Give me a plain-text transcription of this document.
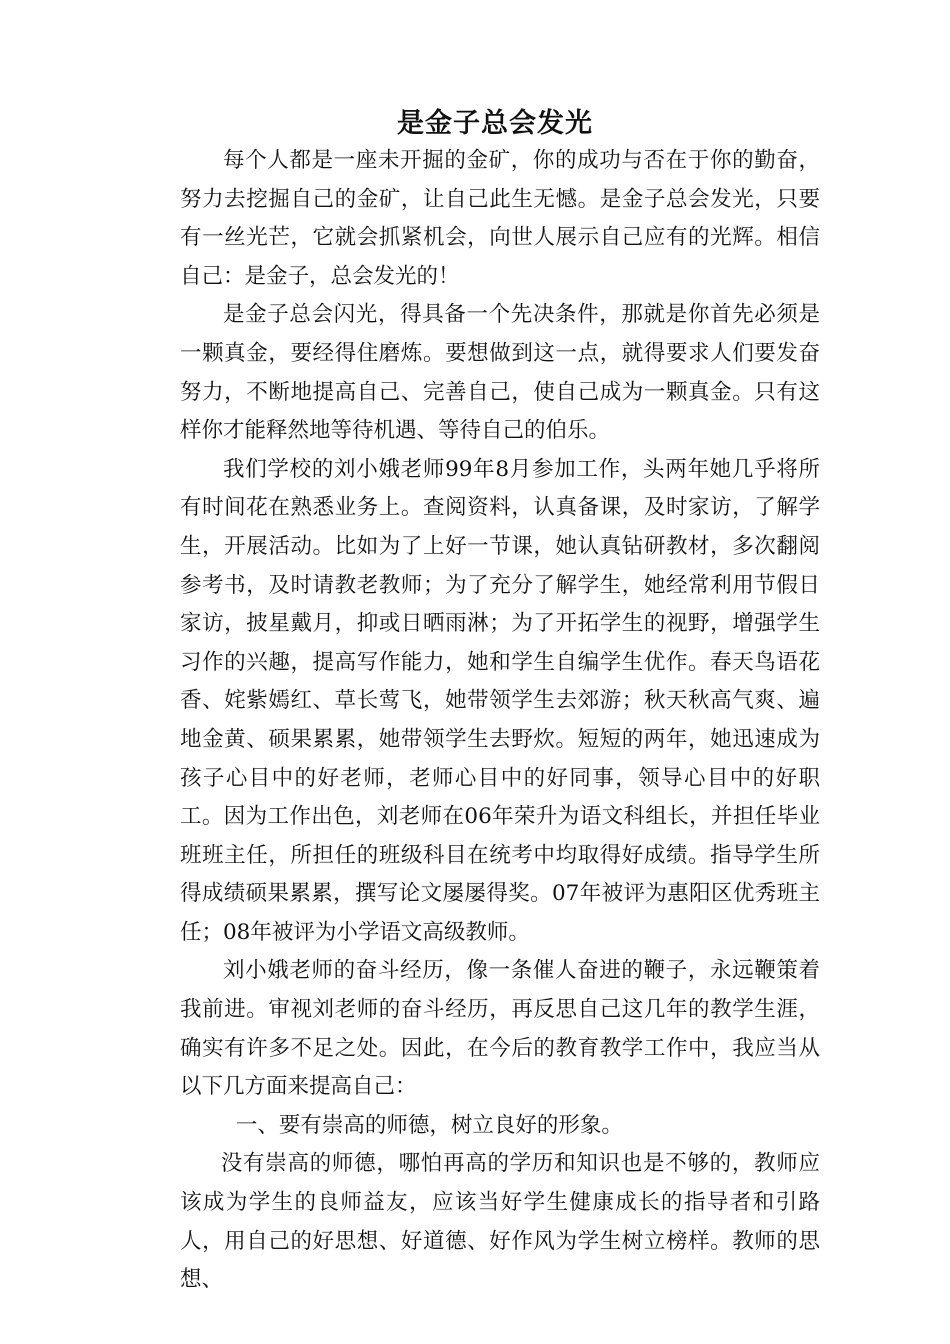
是金子总会发光

每个人都是一座未开掘的金矿，你的成功与否在于你的勤奋，努力去挖掘自己的金矿，让自己此生无憾。是金子总会发光，只要有一丝光芒，它就会抓紧机会，向世人展示自己应有的光辉。相信自己：是金子，总会发光的！

是金子总会闪光，得具备一个先决条件，那就是你首先必须是一颗真金，要经得住磨炼。要想做到这一点，就得要求人们要发奋努力，不断地提高自己、完善自己，使自己成为一颗真金。只有这样你才能释然地等待机遇、等待自己的伯乐。

我们学校的刘小娥老师99年8月参加工作，头两年她几乎将所有时间花在熟悉业务上。查阅资料，认真备课，及时家访，了解学生，开展活动。比如为了上好一节课，她认真钻研教材，多次翻阅参考书，及时请教老教师；为了充分了解学生，她经常利用节假日家访，披星戴月，抑或日晒雨淋；为了开拓学生的视野，增强学生习作的兴趣，提高写作能力，她和学生自编学生优作。春天鸟语花香、姹紫嫣红、草长莺飞，她带领学生去郊游；秋天秋高气爽、遍地金黄、硕果累累，她带领学生去野炊。短短的两年，她迅速成为孩子心目中的好老师，老师心目中的好同事，领导心目中的好职工。因为工作出色，刘老师在06年荣升为语文科组长，并担任毕业班班主任，所担任的班级科目在统考中均取得好成绩。指导学生所得成绩硕果累累，撰写论文屡屡得奖。07年被评为惠阳区优秀班主任；08年被评为小学语文高级教师。

刘小娥老师的奋斗经历，像一条催人奋进的鞭子，永远鞭策着我前进。审视刘老师的奋斗经历，再反思自己这几年的教学生涯，确实有许多不足之处。因此，在今后的教育教学工作中，我应当从以下几方面来提高自己：

一、要有崇高的师德，树立良好的形象。

没有崇高的师德，哪怕再高的学历和知识也是不够的，教师应该成为学生的良师益友，应该当好学生健康成长的指导者和引路人，用自己的好思想、好道德、好作风为学生树立榜样。教师的思想、
